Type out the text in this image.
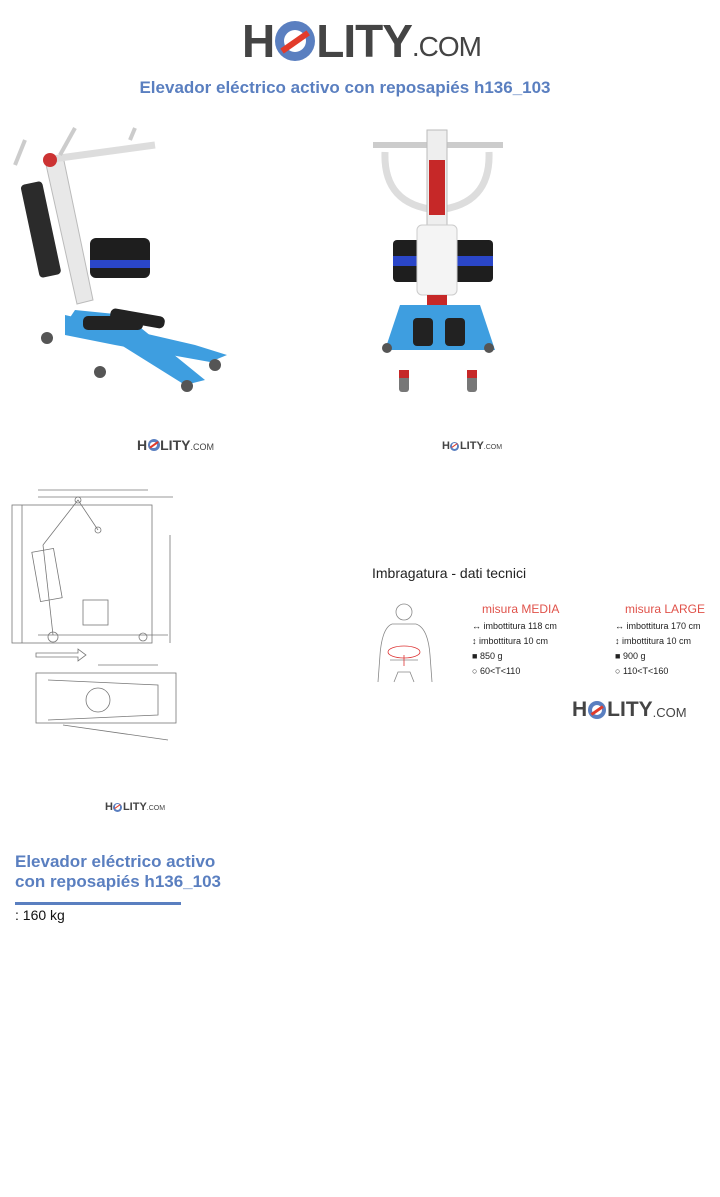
H LITY .COM
Elevador eléctrico activo con reposapiés h136_103
H LITY .COM	H LITY .COM
H LITY .COM
Imbragatura - dati tecnici
misura MEDIA
↔ imbottitura 118 cm
↕ imbottitura 10 cm
■ 850 g
○ 60<T<110
misura LARGE
↔ imbottitura 170 cm
↕ imbottitura 10 cm
■ 900 g
○ 110<T<160
H LITY .COM
Elevador eléctrico activo
con reposapiés h136_103
: 160 kg
